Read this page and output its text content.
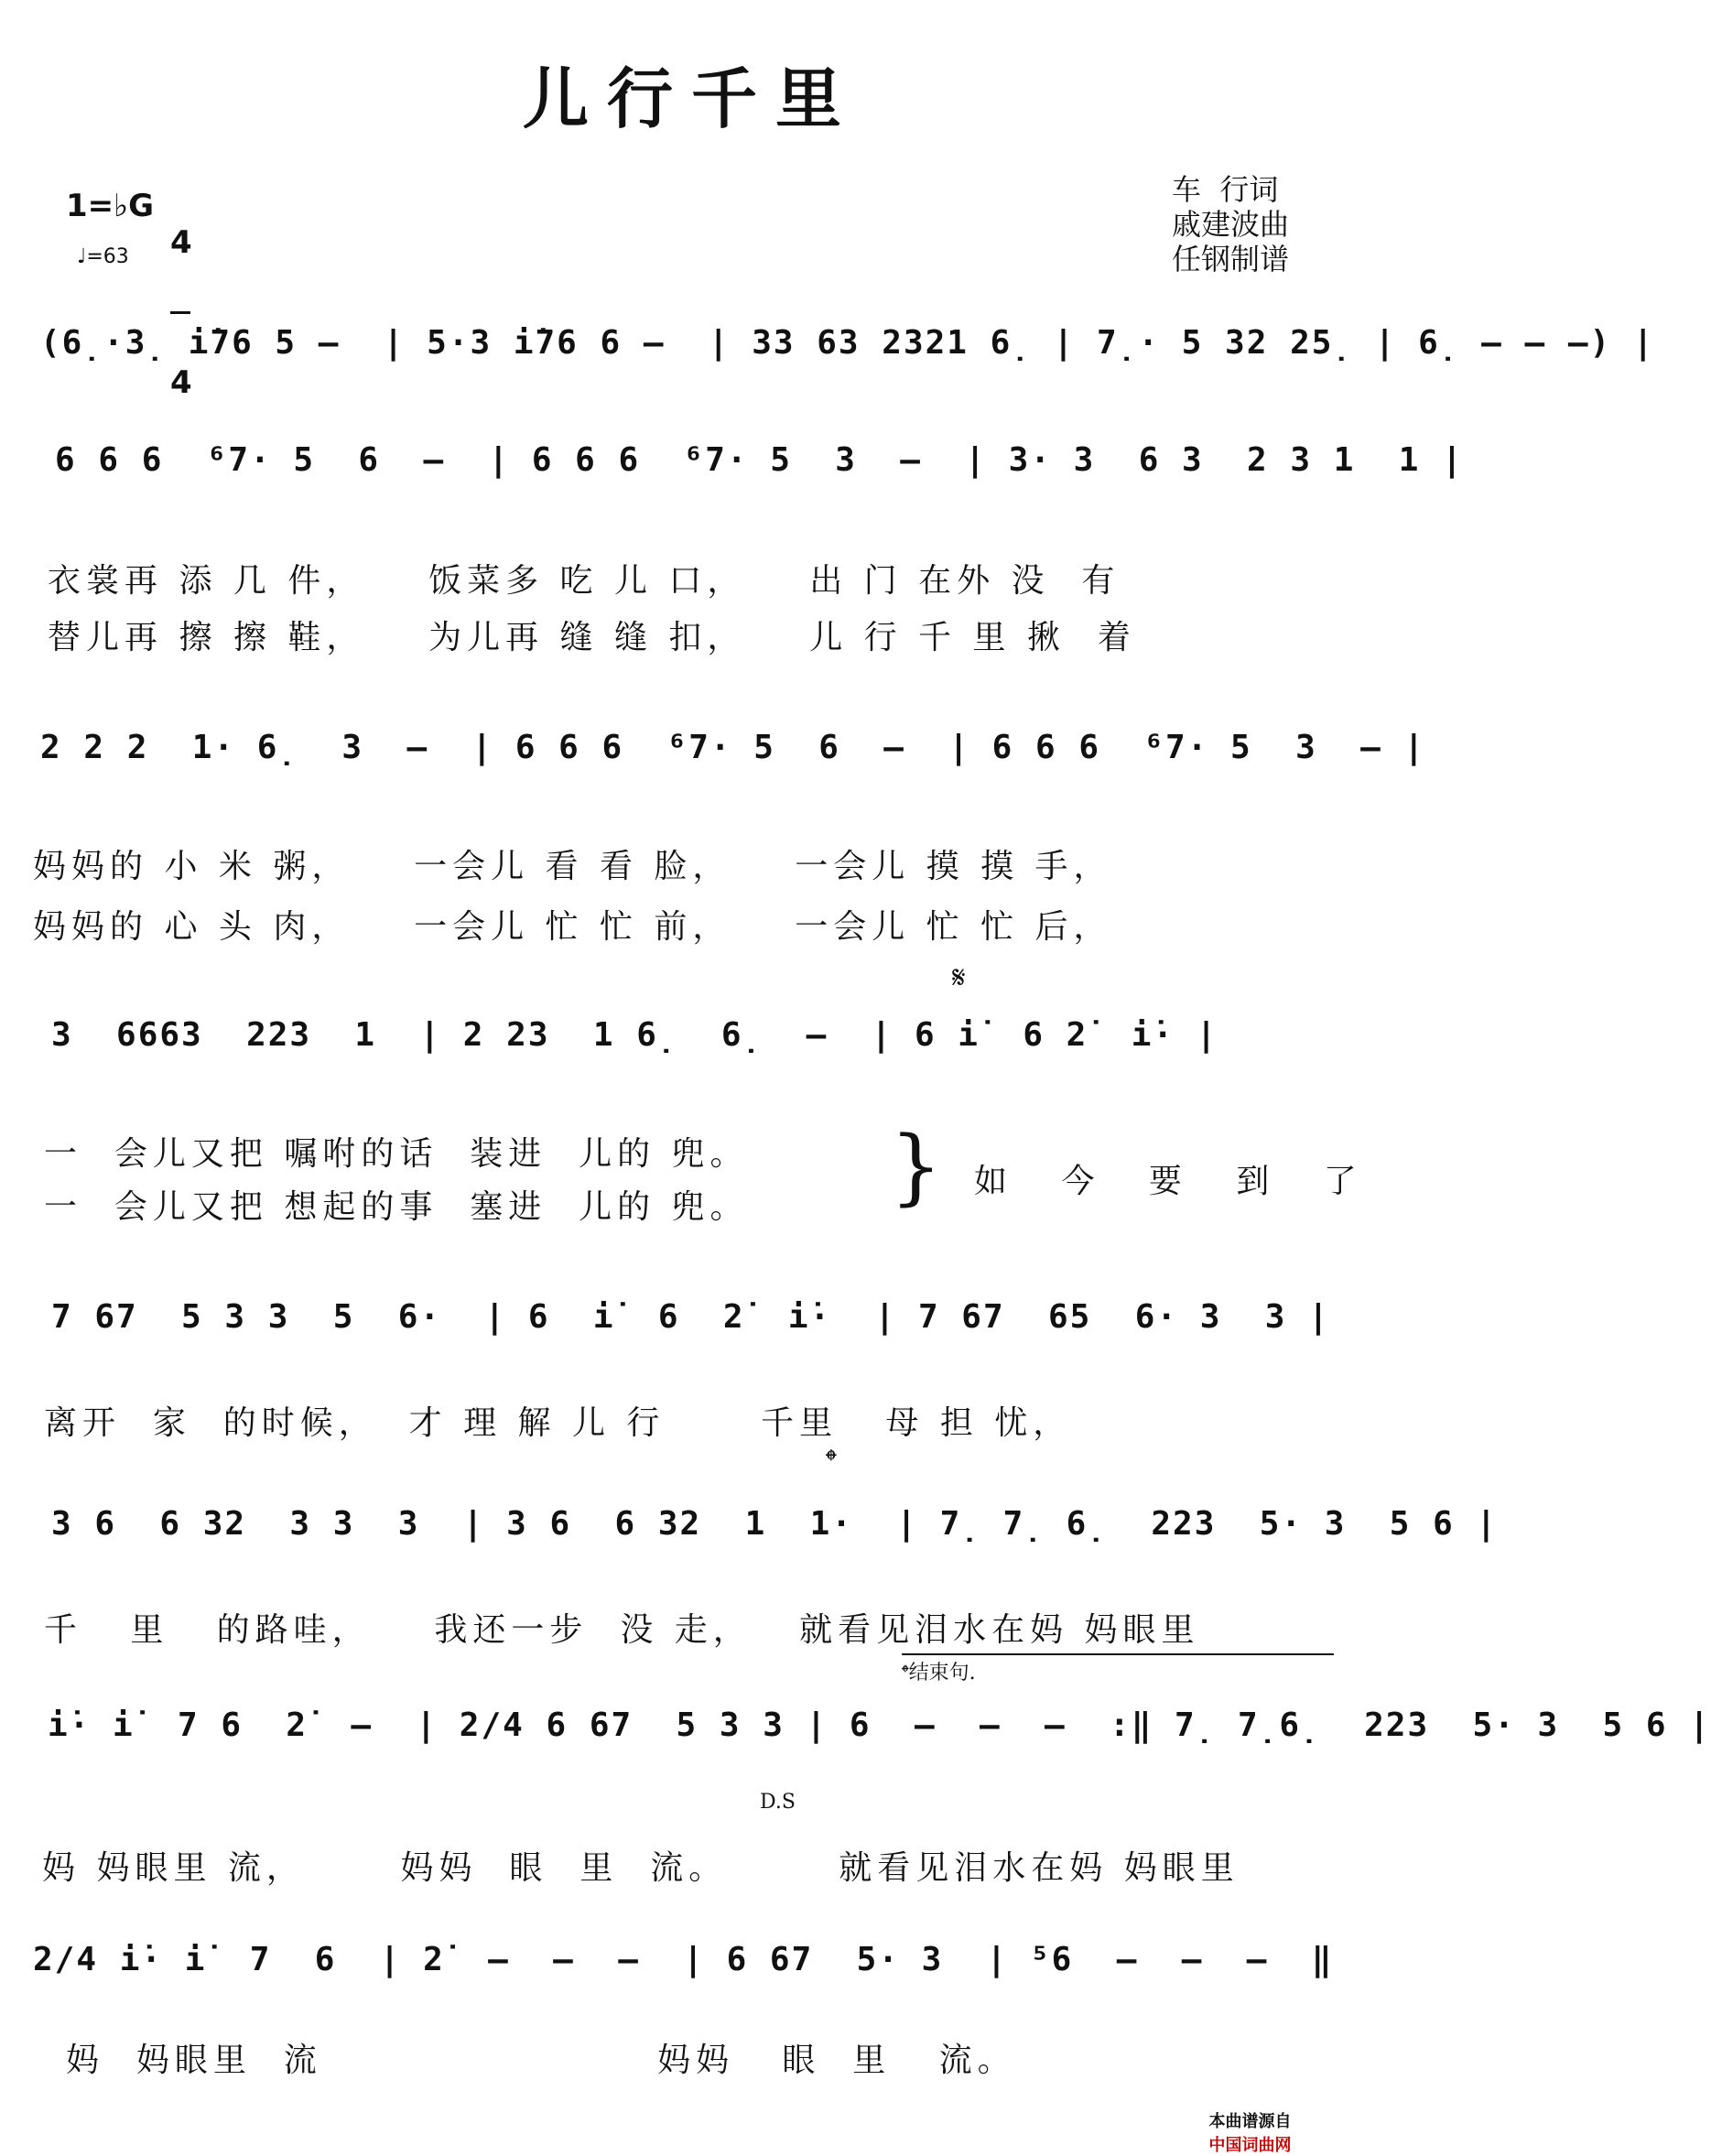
儿行千里
车  行词
戚建波曲
任钢制谱
1=♭G

4

4

♩=63
(6̣·3̣ i̇76 5 –  | 5·3 i̇76 6 –  | 33 63 2321 6̣ | 7̣· 5 32 25̣ | 6̣ – – –) |
6 6 6  ⁶7· 5  6  –  | 6 6 6  ⁶7· 5  3  –  | 3· 3  6 3  2 3 1  1 |
衣裳再 添 几 件，    饭菜多 吃 儿 口，    出 门 在外 没  有
替儿再 擦 擦 鞋，    为儿再 缝 缝 扣，    儿 行 千 里 揪  着
2 2 2  1· 6̣  3  –  | 6 6 6  ⁶7· 5  6  –  | 6 6 6  ⁶7· 5  3  – |
妈妈的 小 米 粥，    一会儿 看 看 脸，    一会儿 摸 摸 手，
妈妈的 心 头 肉，    一会儿 忙 忙 前，    一会儿 忙 忙 后，
𝄋
3  6663  223  1  | 2 23  1 6̣  6̣  –  | 6 i̇  6 2̇  i̇· |
一  会儿又把 嘱咐的话  装进  儿的 兜。
一  会儿又把 想起的事  塞进  儿的 兜。 } 如 今 要 到 了
7 67  5 3 3  5  6·  | 6  i̇  6  2̇  i̇·  | 7 67  65  6· 3  3 |
离开  家  的时候，  才 理 解 儿 行      千里   母 担 忧，
𝄌
3 6  6 32  3 3  3  | 3 6  6 32  1  1·  | 7̣ 7̣ 6̣  223  5· 3  5 6 |
千   里   的路哇，    我还一步  没 走，   就看见泪水在妈 妈眼里
𝄌结束句.
i̇· i̇  7 6  2̇  –  | 2/4 6 67  5 3 3 | 6  –  –  –  :‖ 7̣ 7̣6̣  223  5· 3  5 6 |
D.S
妈 妈眼里 流，      妈妈  眼  里  流。       就看见泪水在妈 妈眼里
2/4 i̇· i̇  7  6  | 2̇  –  –  –  | 6 67  5· 3  | ⁵6  –  –  –  ‖
妈  妈眼里  流                     妈妈   眼  里   流。

本曲谱源自
中国词曲网
